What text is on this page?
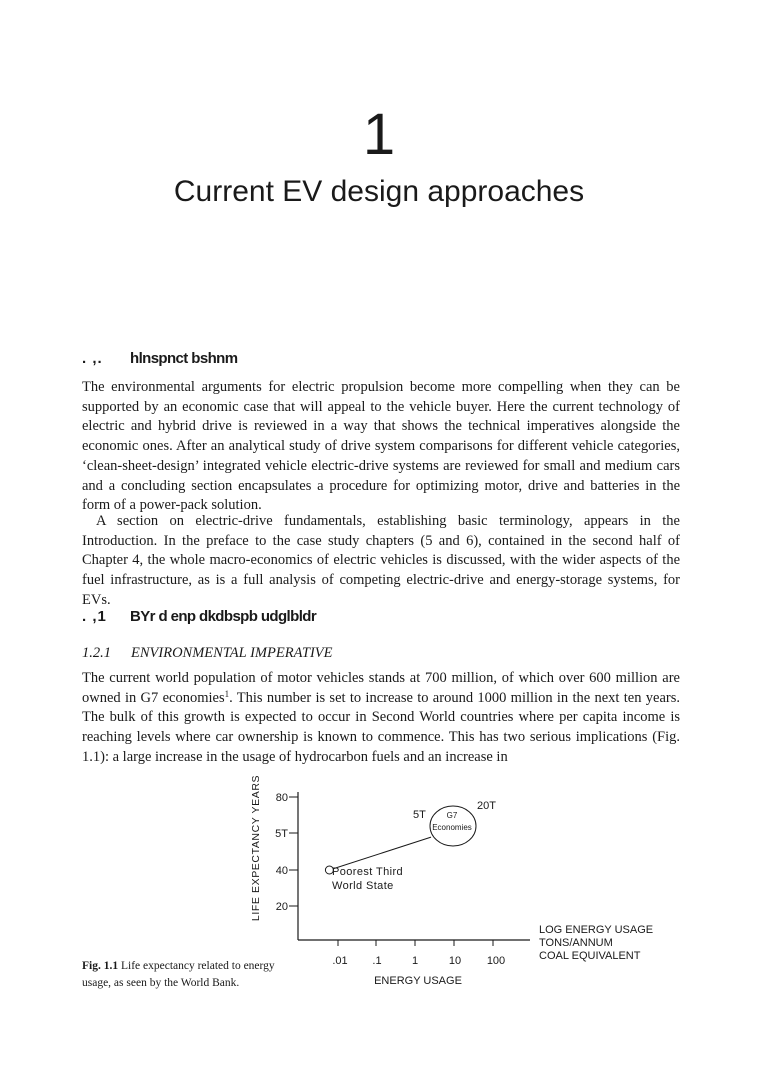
1
Current EV design approaches
. ,. hlnspnct bshnm

The environmental arguments for electric propulsion become more compelling when they can be supported by an economic case that will appeal to the vehicle buyer. Here the current technology of electric and hybrid drive is reviewed in a way that shows the technical imperatives alongside the economic ones. After an analytical study of drive system comparisons for different vehicle categories, ‘clean-sheet-design’ integrated vehicle electric-drive systems are reviewed for small and medium cars and a concluding section encapsulates a procedure for optimizing motor, drive and batteries in the form of a power-pack solution.

A section on electric-drive fundamentals, establishing basic terminology, appears in the Introduction. In the preface to the case study chapters (5 and 6), contained in the second half of Chapter 4, the whole macro-economics of electric vehicles is discussed, with the wider aspects of the fuel infrastructure, as is a full analysis of competing electric-drive and energy-storage systems, for EVs.

. ,1 BYr d enp dkdbspb udglbldr
1.2.1 ENVIRONMENTAL IMPERATIVE

The current world population of motor vehicles stands at 700 million, of which over 600 million are owned in G7 economies$^1$. This number is set to increase to around 1000 million in the next ten years. The bulk of this growth is expected to occur in Second World countries where per capita income is reaching levels where car ownership is known to commence. This has two serious implications (Fig. 1.1): a large increase in the usage of hydrocarbon fuels and an increase in

80
5T
40
20
LIFE EXPECTANCY YEARS
.01 .1	1	10 100
ENERGY USAGE
LOG ENERGY USAGE
TONS/ANNUM
COAL EQUIVALENT
Poorest Third
World State
G7
Economies
5T
20T

Fig. 1.1 Life expectancy related to energy usage, as seen by the World Bank.
